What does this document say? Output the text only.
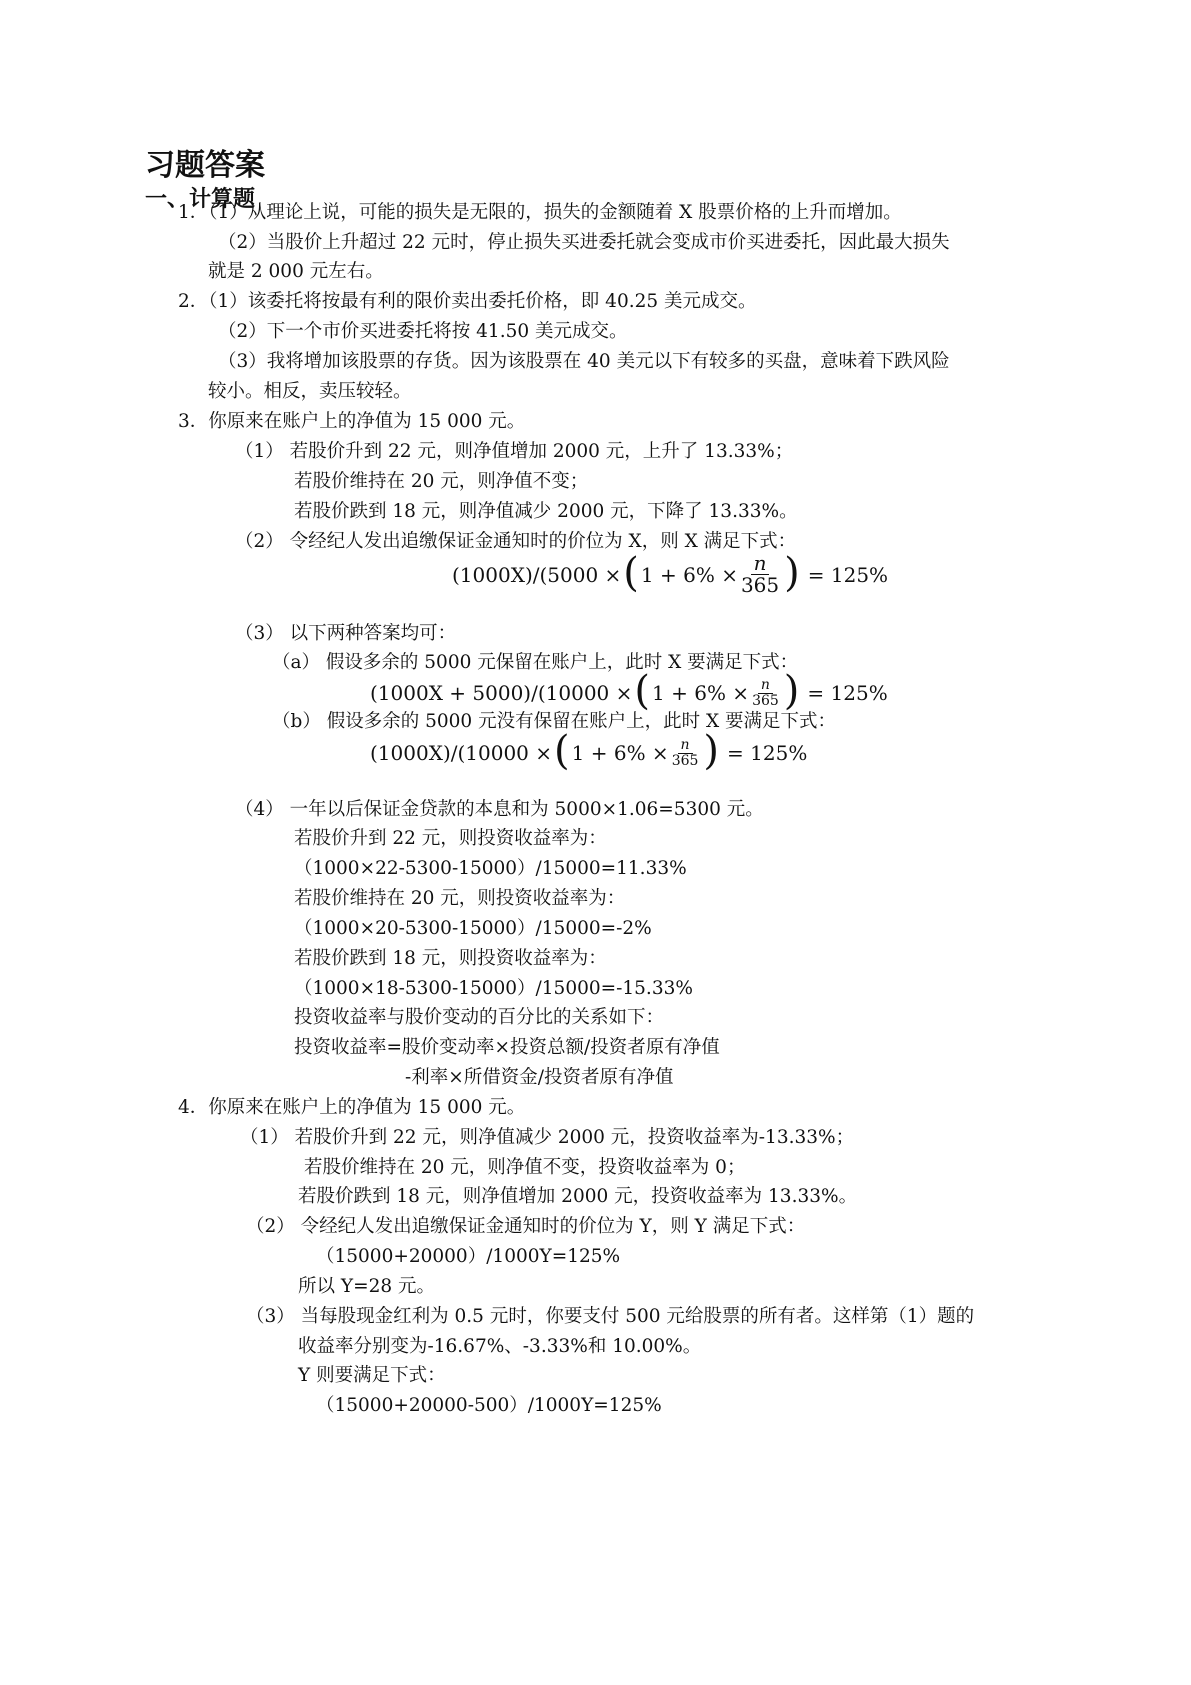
习题答案
一、计算题
1．（1）从理论上说，可能的损失是无限的，损失的金额随着 X 股票价格的上升而增加。
（2）当股价上升超过 22 元时，停止损失买进委托就会变成市价买进委托，因此最大损失
就是 2 000 元左右。
2．（1）该委托将按最有利的限价卖出委托价格，即 40.25 美元成交。
（2）下一个市价买进委托将按 41.50 美元成交。
（3）我将增加该股票的存货。因为该股票在 40 美元以下有较多的买盘，意味着下跌风险
较小。相反，卖压较轻。
3．你原来在账户上的净值为 15 000 元。
（1） 若股价升到 22 元，则净值增加 2000 元，上升了 13.33%；
若股价维持在 20 元，则净值不变；
若股价跌到 18 元，则净值减少 2000 元，下降了 13.33%。
（2） 令经纪人发出追缴保证金通知时的价位为 X，则 X 满足下式：
(1000X)/(5000 × ( $1 + 6\% \times \frac{n}{365}$ ) = 125%
（3） 以下两种答案均可：
（a） 假设多余的 5000 元保留在账户上，此时 X 要满足下式：
(1000X + 5000)/(10000 × ( $1 + 6\% \times \frac{n}{365}$ ) = 125%
（b） 假设多余的 5000 元没有保留在账户上，此时 X 要满足下式：
(1000X)/(10000 × ( $1 + 6\% \times \frac{n}{365}$ ) = 125%
（4） 一年以后保证金贷款的本息和为 5000×1.06=5300 元。
若股价升到 22 元，则投资收益率为：
（1000×22-5300-15000）/15000=11.33%
若股价维持在 20 元，则投资收益率为：
（1000×20-5300-15000）/15000=-2%
若股价跌到 18 元，则投资收益率为：
（1000×18-5300-15000）/15000=-15.33%
投资收益率与股价变动的百分比的关系如下：
投资收益率=股价变动率×投资总额/投资者原有净值
-利率×所借资金/投资者原有净值
4．你原来在账户上的净值为 15 000 元。
（1） 若股价升到 22 元，则净值减少 2000 元，投资收益率为-13.33%；
若股价维持在 20 元，则净值不变，投资收益率为 0；
若股价跌到 18 元，则净值增加 2000 元，投资收益率为 13.33%。
（2） 令经纪人发出追缴保证金通知时的价位为 Y，则 Y 满足下式：
（15000+20000）/1000Y=125%
所以 Y=28 元。
（3） 当每股现金红利为 0.5 元时，你要支付 500 元给股票的所有者。这样第（1）题的
收益率分别变为-16.67%、-3.33%和 10.00%。
Y 则要满足下式：
（15000+20000-500）/1000Y=125%
